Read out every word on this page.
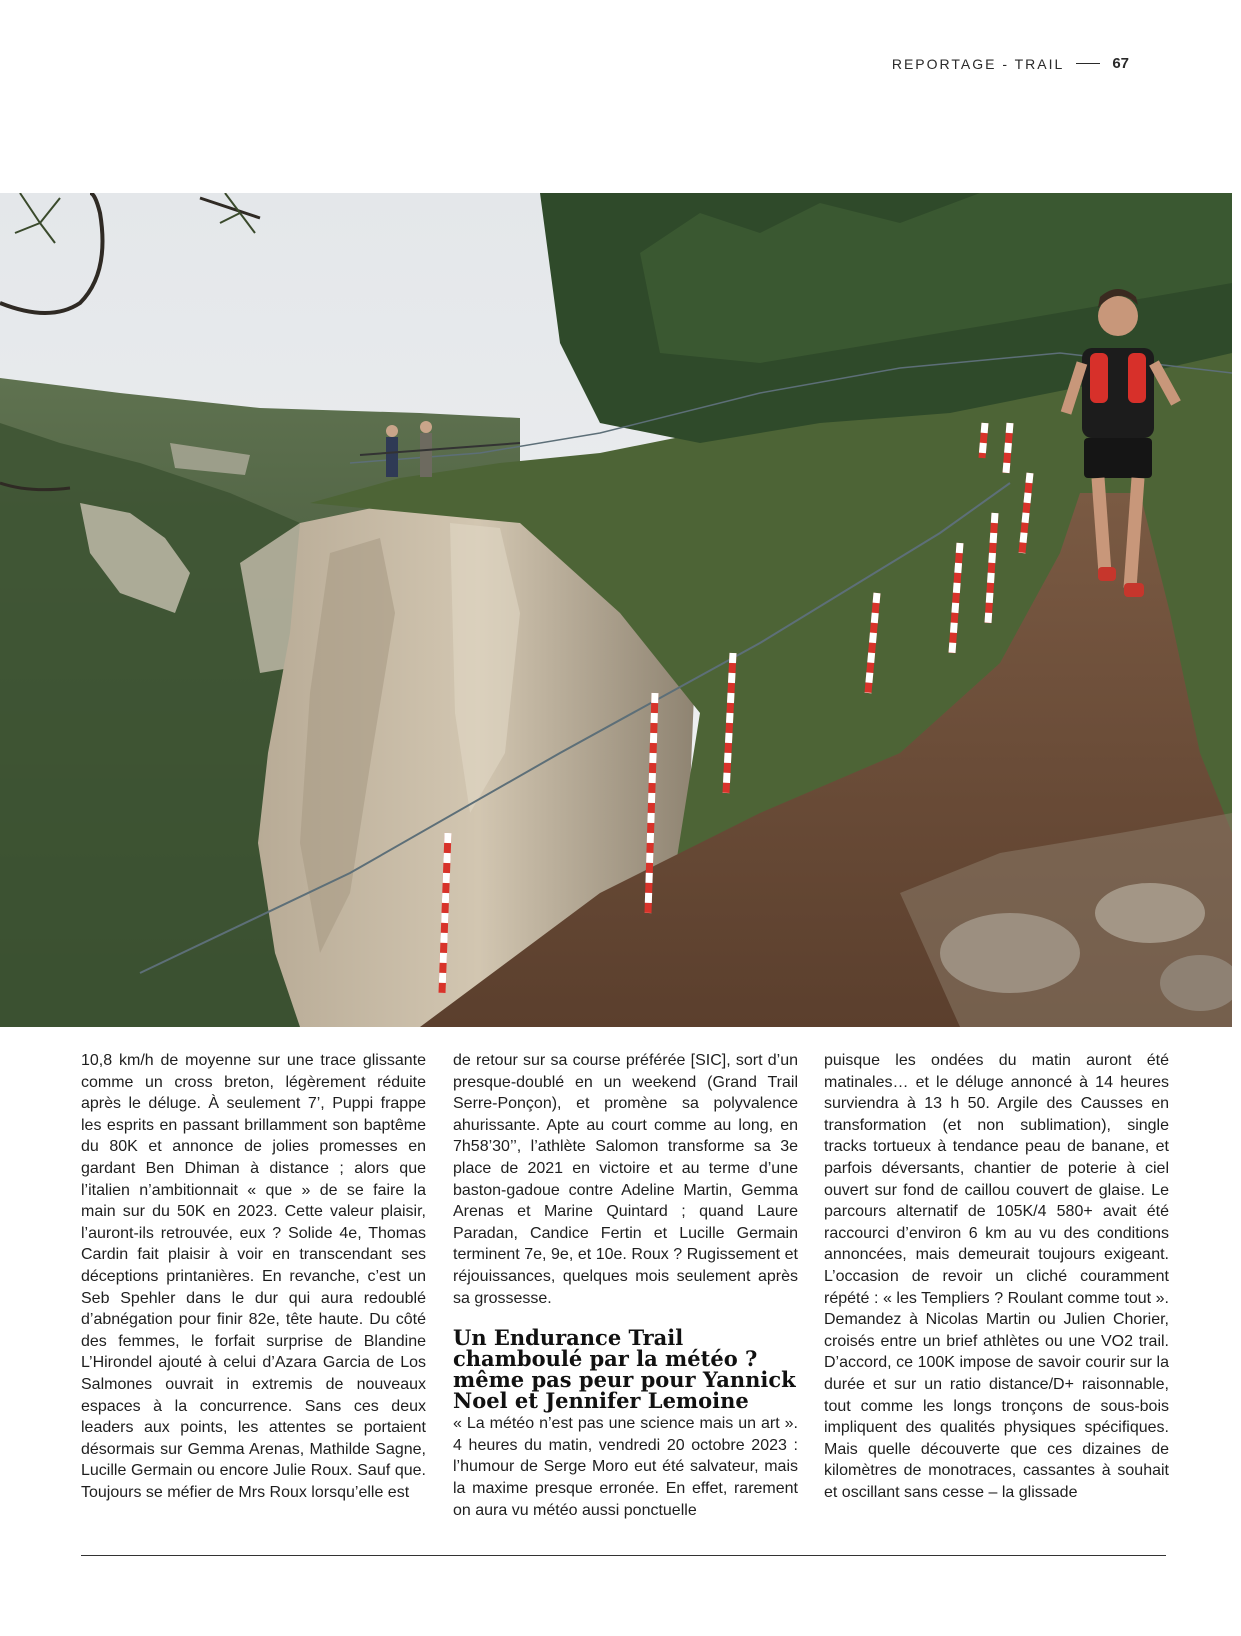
REPORTAGE - TRAIL	67

10,8 km/h de moyenne sur une trace glissante comme un cross breton, légèrement réduite après le déluge. À seulement 7’, Puppi frappe les esprits en passant brillamment son baptême du 80K et annonce de jolies promesses en gardant Ben Dhiman à distance ; alors que l’italien n’ambitionnait « que » de se faire la main sur du 50K en 2023. Cette valeur plaisir, l’auront-ils retrouvée, eux ? Solide 4e, Thomas Cardin fait plaisir à voir en transcendant ses déceptions printanières. En revanche, c’est un Seb Spehler dans le dur qui aura redoublé d’abnégation pour finir 82e, tête haute. Du côté des femmes, le forfait surprise de Blandine L’Hirondel ajouté à celui d’Azara Garcia de Los Salmones ouvrait in extremis de nouveaux espaces à la concurrence. Sans ces deux leaders aux points, les attentes se portaient désormais sur Gemma Arenas, Mathilde Sagne, Lucille Germain ou encore Julie Roux. Sauf que. Toujours se méfier de Mrs Roux lorsqu’elle est

de retour sur sa course préférée [SIC], sort d’un presque-doublé en un weekend (Grand Trail Serre-Ponçon), et promène sa polyvalence ahurissante. Apte au court comme au long, en 7h58’30’’, l’athlète Salomon transforme sa 3e place de 2021 en victoire et au terme d’une baston-gadoue contre Adeline Martin, Gemma Arenas et Marine Quintard ; quand Laure Paradan, Candice Fertin et Lucille Germain terminent 7e, 9e, et 10e. Roux ? Rugissement et réjouissances, quelques mois seulement après sa grossesse.

Un Endurance Trail chamboulé par la météo ? même pas peur pour Yannick Noel et Jennifer Lemoine

« La météo n’est pas une science mais un art ». 4 heures du matin, vendredi 20 octobre 2023 : l’humour de Serge Moro eut été salvateur, mais la maxime presque erronée. En effet, rarement on aura vu météo aussi ponctuelle

puisque les ondées du matin auront été matinales… et le déluge annoncé à 14 heures surviendra à 13 h 50. Argile des Causses en transformation (et non sublimation), single tracks tortueux à tendance peau de banane, et parfois déversants, chantier de poterie à ciel ouvert sur fond de caillou couvert de glaise. Le parcours alternatif de 105K/4 580+ avait été raccourci d’environ 6 km au vu des conditions annoncées, mais demeurait toujours exigeant. L’occasion de revoir un cliché couramment répété : « les Templiers ? Roulant comme tout ». Demandez à Nicolas Martin ou Julien Chorier, croisés entre un brief athlètes ou une VO2 trail. D’accord, ce 100K impose de savoir courir sur la durée et sur un ratio distance/D+ raisonnable, tout comme les longs tronçons de sous-bois impliquent des qualités physiques spécifiques. Mais quelle découverte que ces dizaines de kilomètres de monotraces, cassantes à souhait et oscillant sans cesse – la glissade
